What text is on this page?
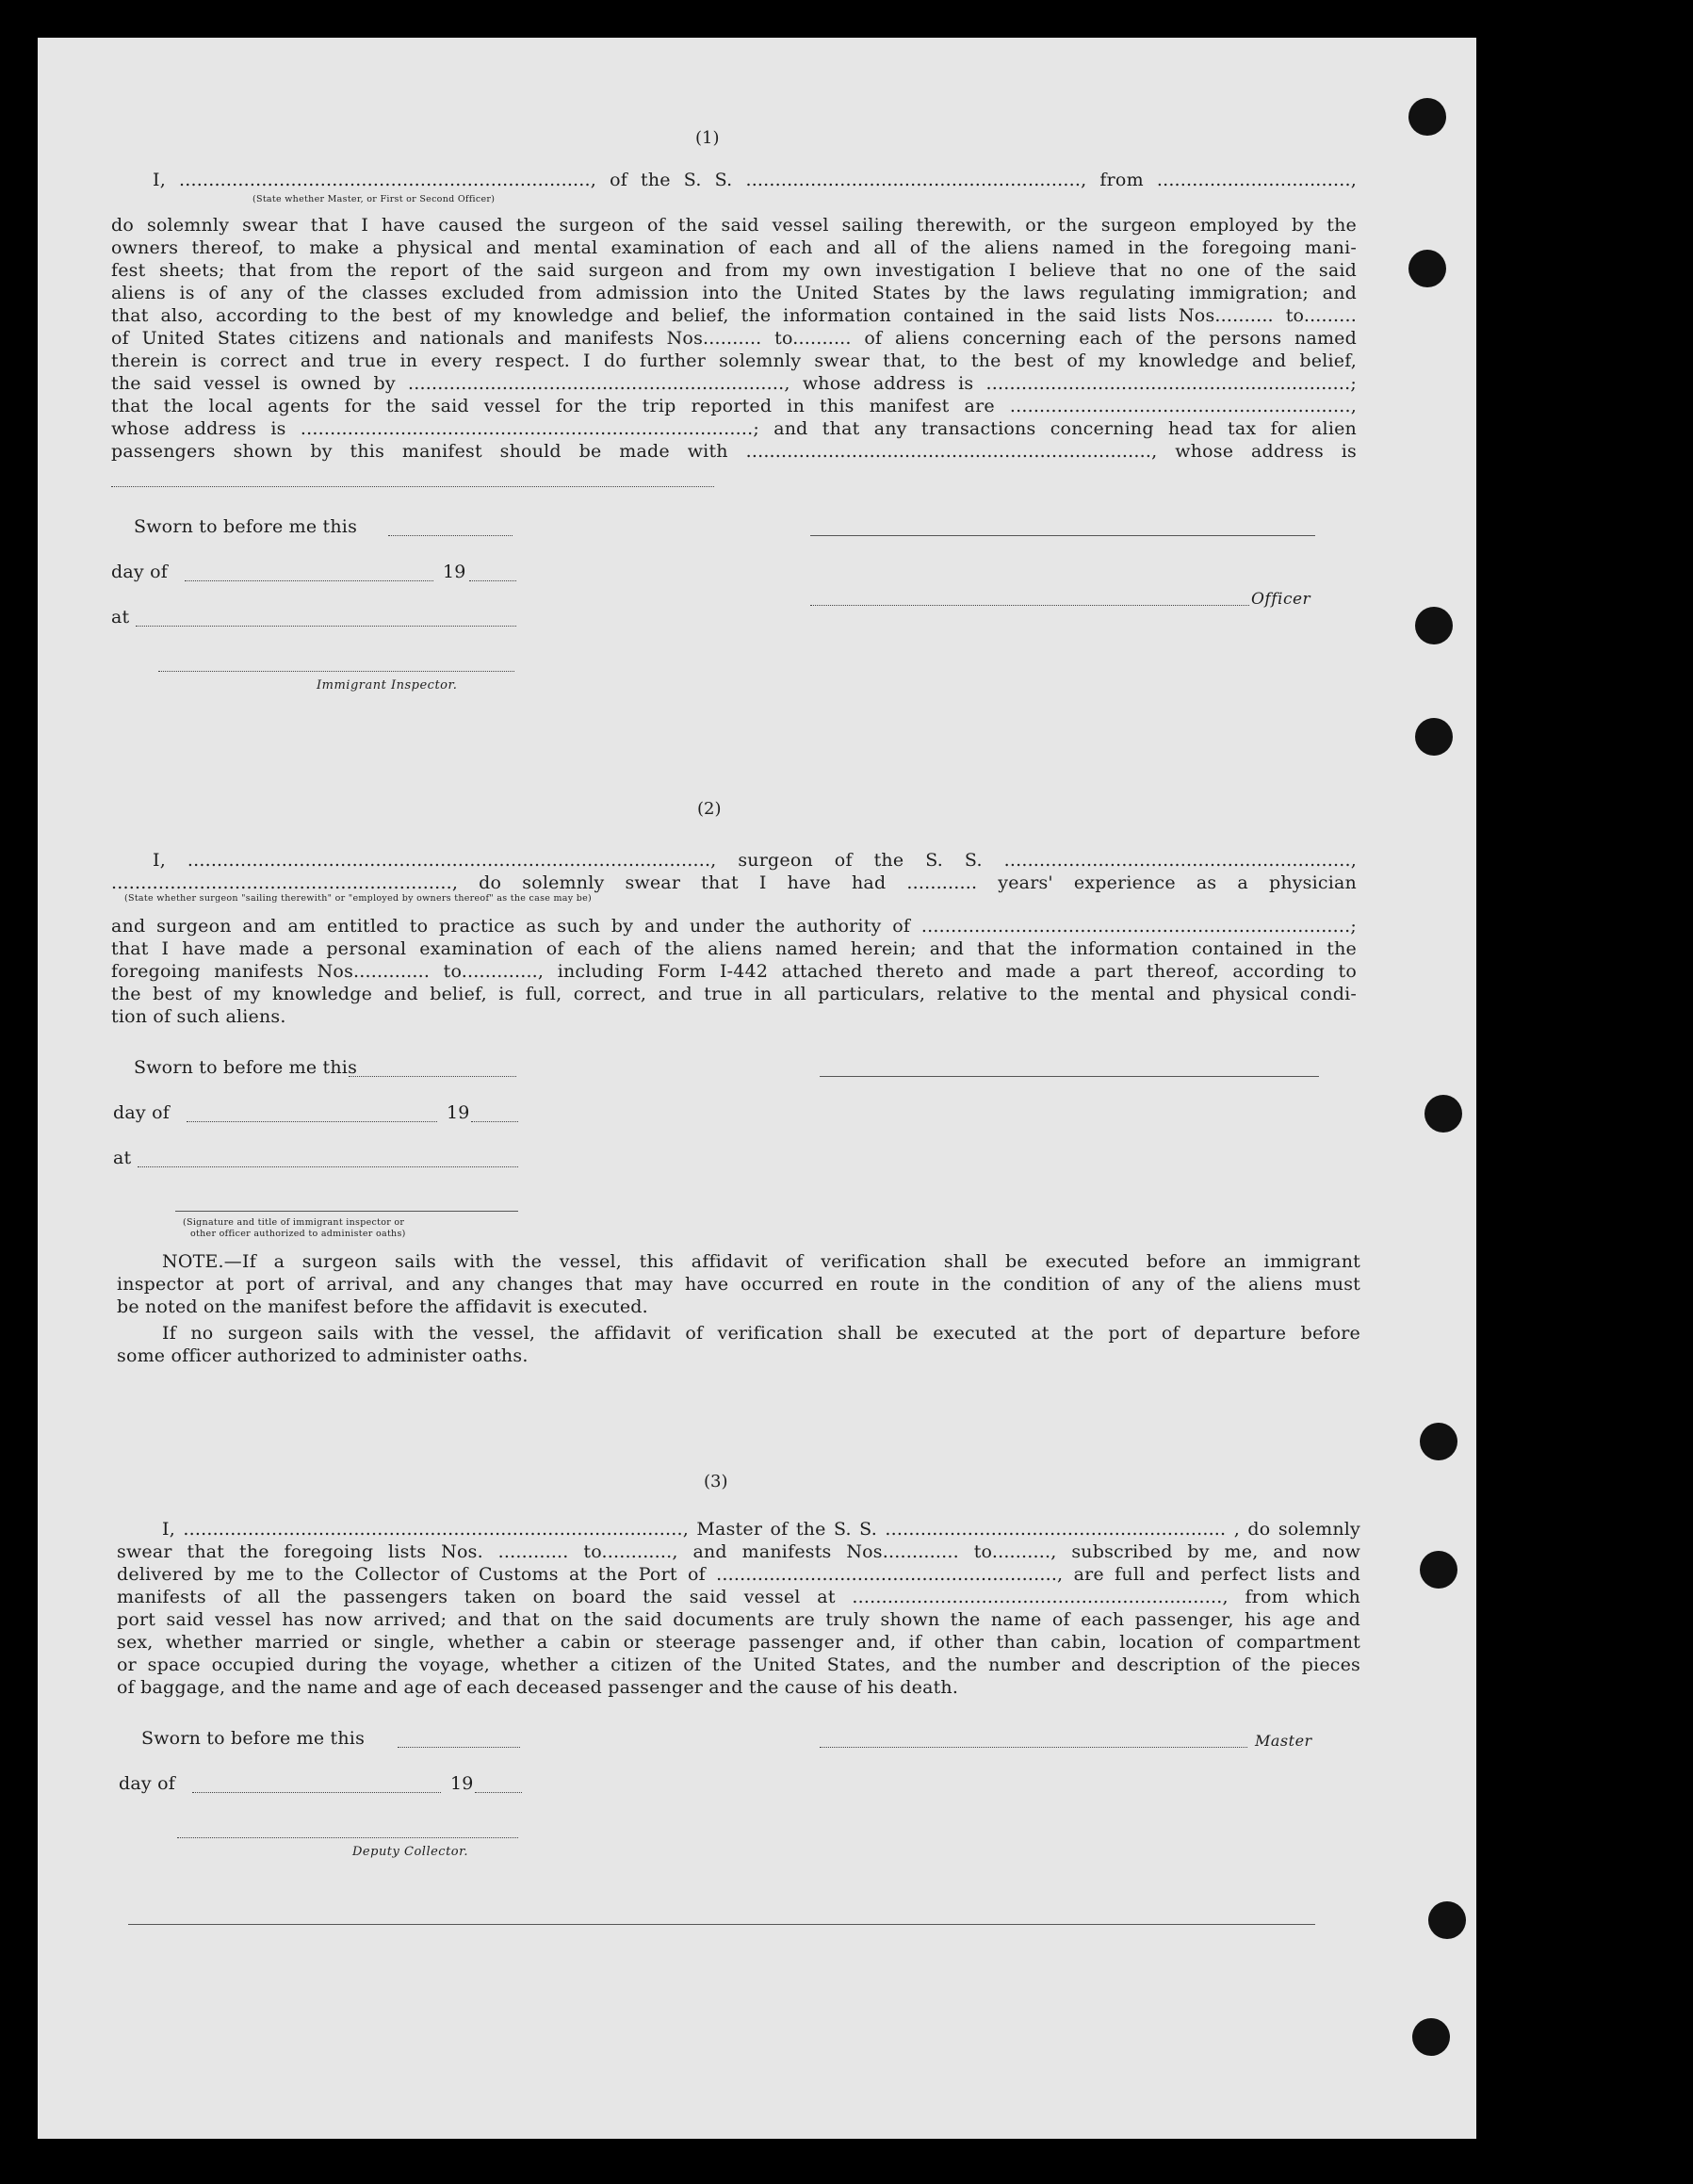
(1)
I, ......................................................................, of the S. S. ........................................................., from .................................,
(State whether Master, or First or Second Officer)
do solemnly swear that I have caused the surgeon of the said vessel sailing therewith, or the surgeon employed by the
owners thereof, to make a physical and mental examination of each and all of the aliens named in the foregoing mani-
fest sheets; that from the report of the said surgeon and from my own investigation I believe that no one of the said
aliens is of any of the classes excluded from admission into the United States by the laws regulating immigration; and
that also, according to the best of my knowledge and belief, the information contained in the said lists Nos.......... to.........
of United States citizens and nationals and manifests Nos.......... to.......... of aliens concerning each of the persons named
therein is correct and true in every respect. I do further solemnly swear that, to the best of my knowledge and belief,
the said vessel is owned by ................................................................, whose address is ..............................................................;
that the local agents for the said vessel for the trip reported in this manifest are ..........................................................,
whose address is .............................................................................; and that any transactions concerning head tax for alien
passengers shown by this manifest should be made with ....................................................................., whose address is
Sworn to before me this
day of	19
Officer
at
Immigrant Inspector.
(2)
I, ........................................................................................., surgeon of the S. S. ...........................................................,
.........................................................., do solemnly swear that I have had ............ years' experience as a physician
(State whether surgeon "sailing therewith" or "employed by owners thereof" as the case may be)
and surgeon and am entitled to practice as such by and under the authority of .........................................................................;
that I have made a personal examination of each of the aliens named herein; and that the information contained in the
foregoing manifests Nos............. to............., including Form I-442 attached thereto and made a part thereof, according to
the best of my knowledge and belief, is full, correct, and true in all particulars, relative to the mental and physical condi-
tion of such aliens.
Sworn to before me this
day of	19
at
(Signature and title of immigrant inspector or
other officer authorized to administer oaths)
NOTE.—If a surgeon sails with the vessel, this affidavit of verification shall be executed before an immigrant
inspector at port of arrival, and any changes that may have occurred en route in the condition of any of the aliens must
be noted on the manifest before the affidavit is executed.
If no surgeon sails with the vessel, the affidavit of verification shall be executed at the port of departure before
some officer authorized to administer oaths.
(3)
I, ....................................................................................., Master of the S. S. .......................................................... , do solemnly
swear that the foregoing lists Nos. ............ to............, and manifests Nos............. to.........., subscribed by me, and now
delivered by me to the Collector of Customs at the Port of .........................................................., are full and perfect lists and
manifests of all the passengers taken on board the said vessel at ..............................................................., from which
port said vessel has now arrived; and that on the said documents are truly shown the name of each passenger, his age and
sex, whether married or single, whether a cabin or steerage passenger and, if other than cabin, location of compartment
or space occupied during the voyage, whether a citizen of the United States, and the number and description of the pieces
of baggage, and the name and age of each deceased passenger and the cause of his death.
Sworn to before me this	Master
day of	19
Deputy Collector.
